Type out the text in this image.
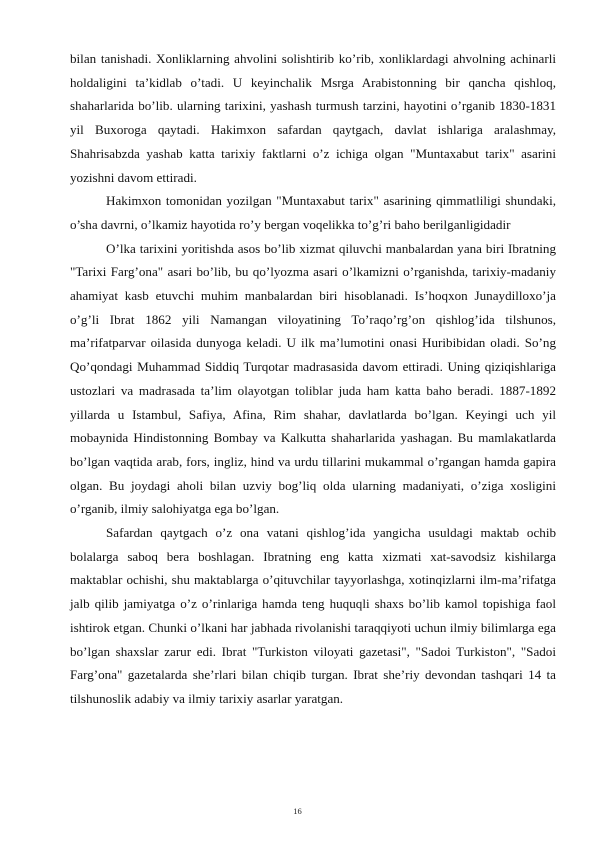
bilan tanishadi. Xonliklarning ahvolini solishtirib ko’rib, xonliklardagi ahvolning achinarli holdaligini ta’kidlab o’tadi. U keyinchalik Msrga Arabistonning bir qancha qishloq, shaharlarida bo’lib. ularning tarixini, yashash turmush tarzini, hayotini o’rganib 1830-1831 yil Buxoroga qaytadi. Hakimxon safardan qaytgach, davlat ishlariga aralashmay, Shahrisabzda yashab katta tarixiy faktlarni o’z ichiga olgan "Muntaxabut tarix" asarini yozishni davom ettiradi.

Hakimxon tomonidan yozilgan "Muntaxabut tarix" asarining qimmatliligi shundaki, o’sha davrni, o’lkamiz hayotida ro’y bergan voqelikka to’g’ri baho berilganligidadir

O’lka tarixini yoritishda asos bo’lib xizmat qiluvchi manbalardan yana biri Ibratning "Tarixi Farg’ona" asari bo’lib, bu qo’lyozma asari o’lkamizni o’rganishda, tarixiy-madaniy ahamiyat kasb etuvchi muhim manbalardan biri hisoblanadi. Is’hoqxon Junaydilloxo’ja o’g’li Ibrat 1862 yili Namangan viloyatining To’raqo’rg’on qishlog’ida tilshunos, ma’rifatparvar oilasida dunyoga keladi. U ilk ma’lumotini onasi Huribibidan oladi. So’ng Qo’qondagi Muhammad Siddiq Turqotar madrasasida davom ettiradi. Uning qiziqishlariga ustozlari va madrasada ta’lim olayotgan toliblar juda ham katta baho beradi. 1887-1892 yillarda u Istambul, Safiya, Afina, Rim shahar, davlatlarda bo’lgan. Keyingi uch yil mobaynida Hindistonning Bombay va Kalkutta shaharlarida yashagan. Bu mamlakatlarda bo’lgan vaqtida arab, fors, ingliz, hind va urdu tillarini mukammal o’rgangan hamda gapira olgan. Bu joydagi aholi bilan uzviy bog’liq olda ularning madaniyati, o’ziga xosligini o’rganib, ilmiy salohiyatga ega bo’lgan.

Safardan qaytgach o’z ona vatani qishlog’ida yangicha usuldagi maktab ochib bolalarga saboq bera boshlagan. Ibratning eng katta xizmati xat-savodsiz kishilarga maktablar ochishi, shu maktablarga o’qituvchilar tayyorlashga, xotinqizlarni ilm-ma’rifatga jalb qilib jamiyatga o’z o’rinlariga hamda teng huquqli shaxs bo’lib kamol topishiga faol ishtirok etgan. Chunki o’lkani har jabhada rivolanishi taraqqiyoti uchun ilmiy bilimlarga ega bo’lgan shaxslar zarur edi. Ibrat "Turkiston viloyati gazetasi", "Sadoi Turkiston", "Sadoi Farg’ona" gazetalarda she’rlari bilan chiqib turgan. Ibrat she’riy devondan tashqari 14 ta tilshunoslik adabiy va ilmiy tarixiy asarlar yaratgan.

16
